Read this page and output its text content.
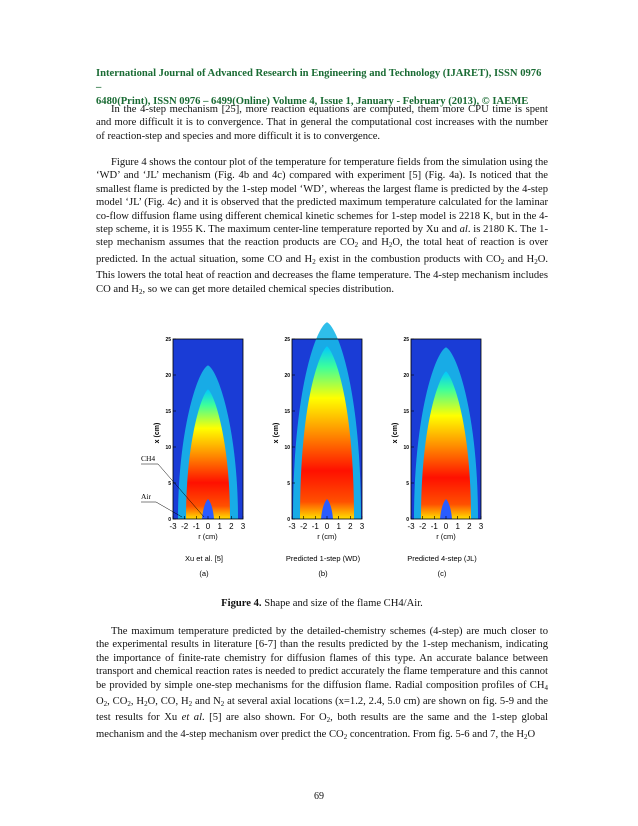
International Journal of Advanced Research in Engineering and Technology (IJARET), ISSN 0976 –
6480(Print), ISSN 0976 – 6499(Online) Volume 4, Issue 1, January - February (2013), © IAEME

In the 4-step mechanism [25], more reaction equations are computed, them more CPU time is spent and more difficult it is to convergence. That in general the computational cost increases with the number of reaction-step and species and more difficult it is to convergence.

Figure 4 shows the contour plot of the temperature for temperature fields from the simulation using the ‘WD’ and ‘JL’ mechanism (Fig. 4b and 4c) compared with experiment [5] (Fig. 4a). Is noticed that the smallest flame is predicted by the 1-step model ‘WD’, whereas the largest flame is predicted by the 4-step model ‘JL’ (Fig. 4c) and it is observed that the predicted maximum temperature calculated for the laminar co-flow diffusion flame using different chemical kinetic schemes for 1-step model is 2218 K, but in the 4-step scheme, it is 1955 K. The maximum center-line temperature reported by Xu and al. is 2180 K. The 1-step mechanism assumes that the reaction products are $CO_2$ and $H_2O$, the total heat of reaction is over predicted. In the actual situation, some CO and $H_2$ exist in the combustion products with $CO_2$ and $H_2O$. This lowers the total heat of reaction and decreases the flame temperature. The 4-step mechanism includes CO and $H_2$, so we can get more detailed chemical species distribution.

25
20
15
10
5
0
x (cm)
-3 -2 -1 0 1 2 3
r (cm)
Xu et al. [5]
(a)
25
20
15
10
5
0
x (cm)
-3 -2 -1 0 1 2 3
r (cm)
Predicted 1-step (WD)
(b)
25
20
15
10
5
0
x (cm)
-3 -2 -1 0 1 2 3
r (cm)
Predicted 4-step (JL)
(c)
CH4
Air
Figure 4. Shape and size of the flame CH4/Air.

The maximum temperature predicted by the detailed-chemistry schemes (4-step) are much closer to the experimental results in literature [6-7] than the results predicted by the 1-step mechanism, indicating the importance of finite-rate chemistry for diffusion flames of this type. An accurate balance between transport and chemical reaction rates is needed to predict accurately the flame temperature and this cannot be provided by simple one-step mechanisms for the diffusion flame. Radial composition profiles of $CH_4$ $O_2$, $CO_2$, $H_2O$, CO, $H_2$ and $N_2$ at several axial locations (x=1.2, 2.4, 5.0 cm) are shown on fig. 5-9 and the test results for Xu et al. [5] are also shown. For $O_2$, both results are the same and the 1-step global mechanism and the 4-step mechanism over predict the $CO_2$ concentration. From fig. 5-6 and 7, the $H_2O$

69
